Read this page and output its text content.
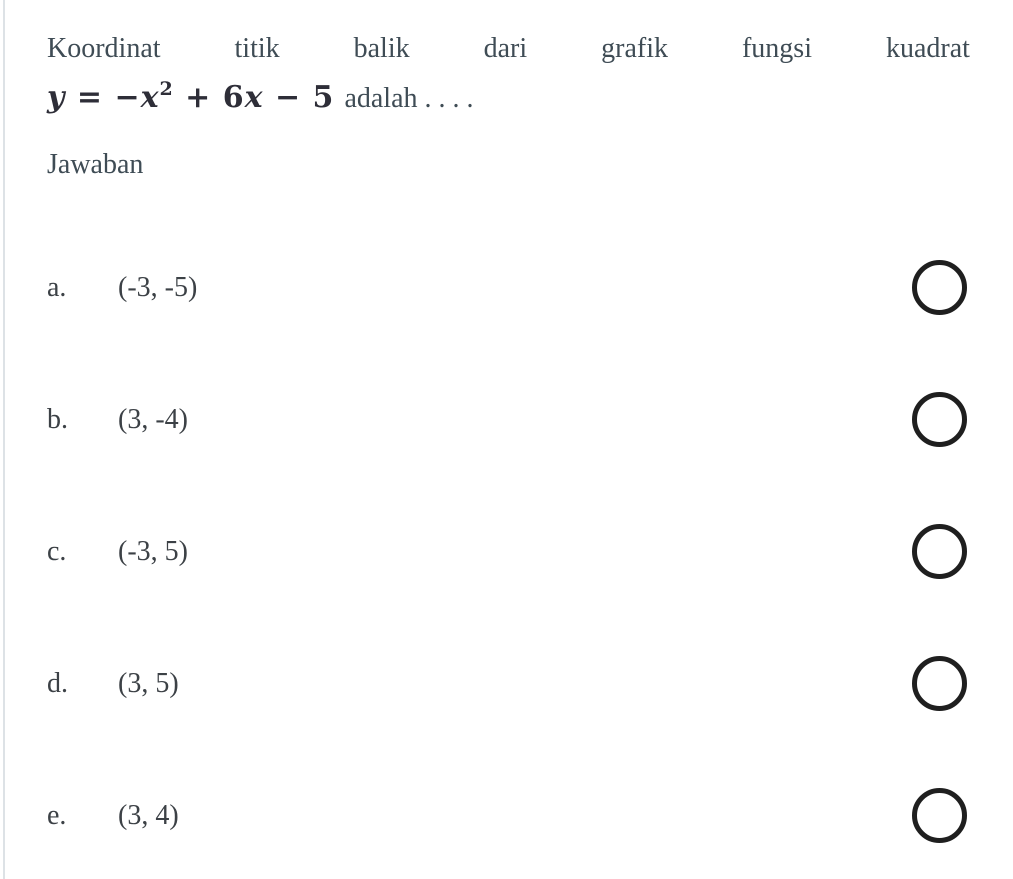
Koordinat	titik	balik	dari	grafik	fungsi	kuadrat
$y = -x^2 + 6x - 5$ adalah . . . .
Jawaban
a.	(-3, -5)
b.	(3, -4)
c.	(-3, 5)
d.	(3, 5)
e.	(3, 4)
